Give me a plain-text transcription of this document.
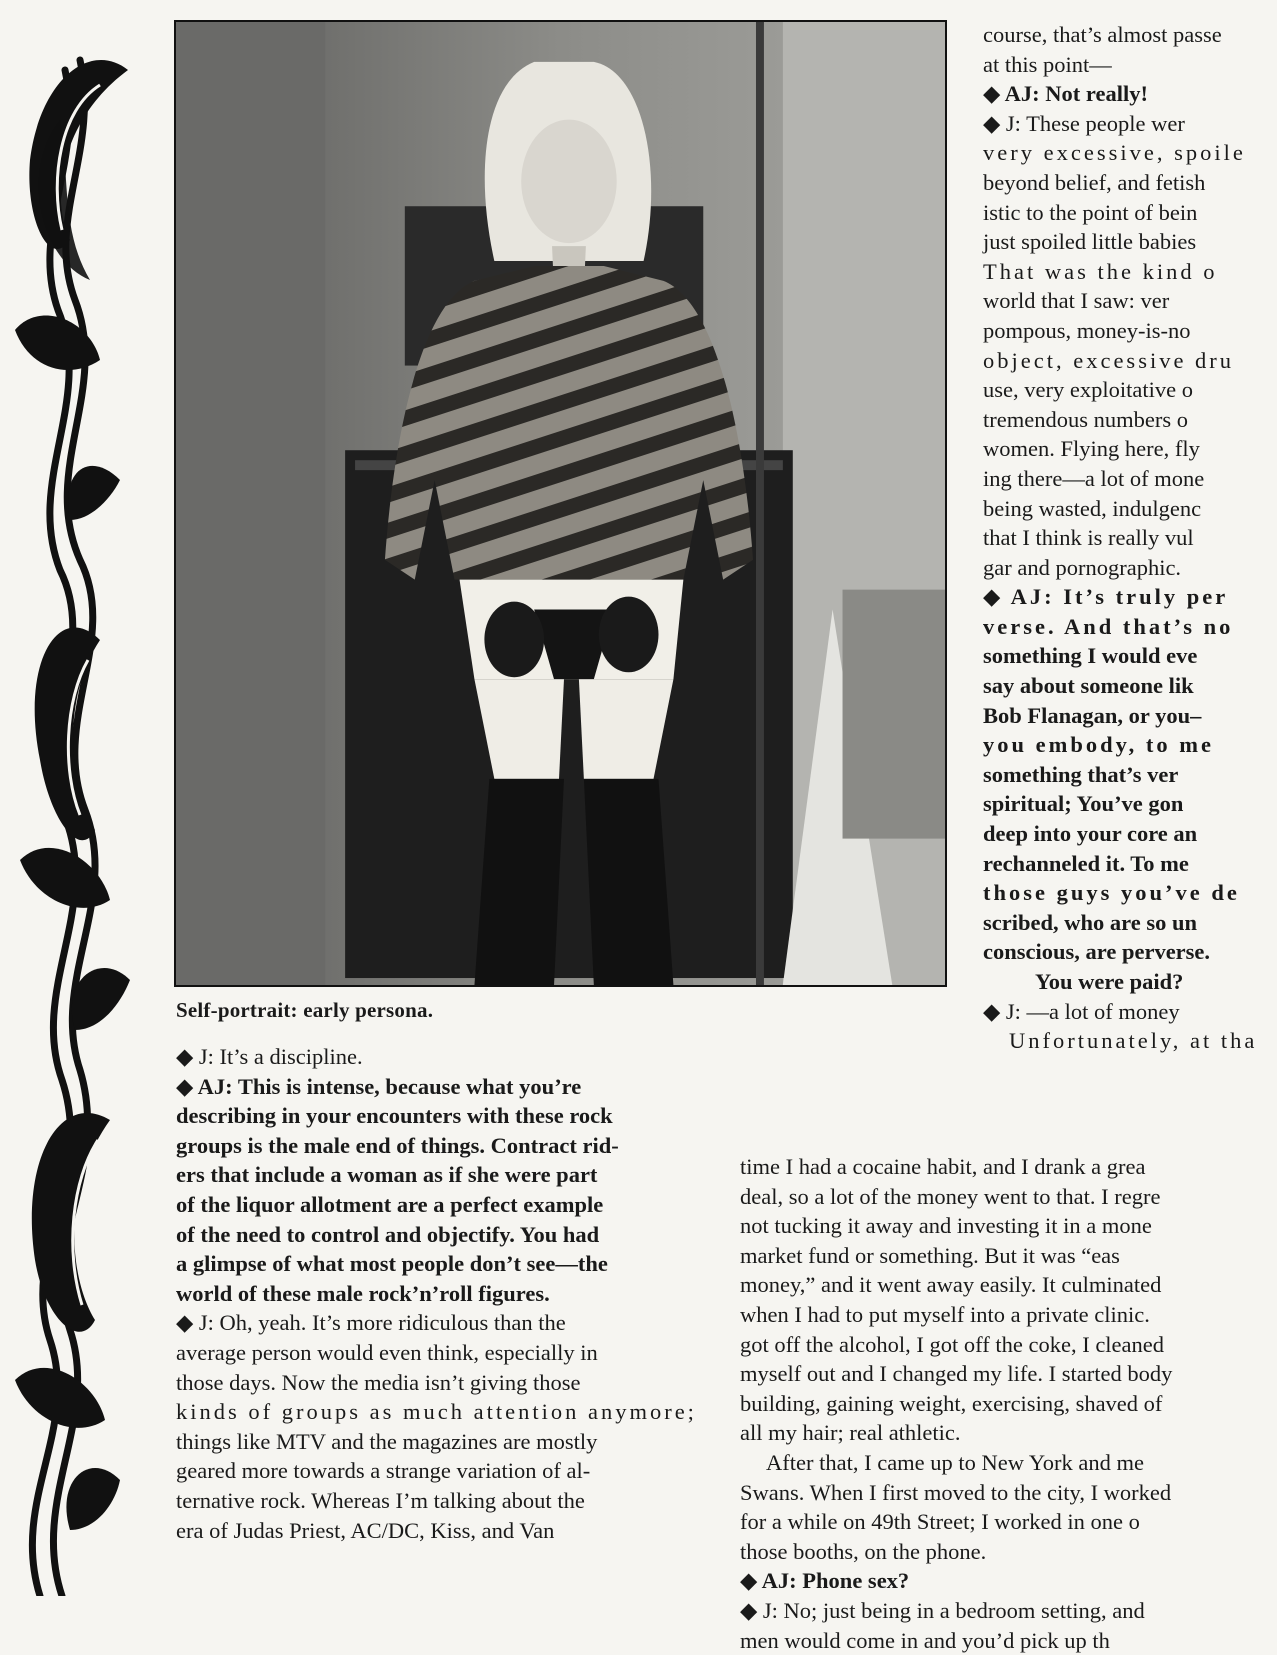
Self-portrait: early persona.

course, that’s almost passe

at this point—

◆ AJ: Not really!

◆ J: These people wer

very excessive, spoile

beyond belief, and fetish

istic to the point of bein

just spoiled little babies

That was the kind o

world that I saw: ver

pompous, money-is-no

object, excessive dru

use, very exploitative o

tremendous numbers o

women. Flying here, fly

ing there—a lot of mone

being wasted, indulgenc

that I think is really vul

gar and pornographic.

◆ AJ: It’s truly per

verse. And that’s no

something I would eve

say about someone lik

Bob Flanagan, or you–

you embody, to me

something that’s ver

spiritual; You’ve gon

deep into your core an

rechanneled it. To me

those guys you’ve de

scribed, who are so un

conscious, are perverse.

You were paid?

◆ J: —a lot of money

Unfortunately, at tha

◆ J: It’s a discipline.

◆ AJ: This is intense, because what you’re

describing in your encounters with these rock

groups is the male end of things. Contract rid-

ers that include a woman as if she were part

of the liquor allotment are a perfect example

of the need to control and objectify. You had

a glimpse of what most people don’t see—the

world of these male rock’n’roll figures.

◆ J: Oh, yeah. It’s more ridiculous than the

average person would even think, especially in

those days. Now the media isn’t giving those

kinds of groups as much attention anymore;

things like MTV and the magazines are mostly

geared more towards a strange variation of al-

ternative rock. Whereas I’m talking about the

era of Judas Priest, AC/DC, Kiss, and Van

time I had a cocaine habit, and I drank a grea

deal, so a lot of the money went to that. I regre

not tucking it away and investing it in a mone

market fund or something. But it was “eas

money,” and it went away easily. It culminated

when I had to put myself into a private clinic.

got off the alcohol, I got off the coke, I cleaned

myself out and I changed my life. I started body

building, gaining weight, exercising, shaved of

all my hair; real athletic.

After that, I came up to New York and me

Swans. When I first moved to the city, I worked

for a while on 49th Street; I worked in one o

those booths, on the phone.

◆ AJ: Phone sex?

◆ J: No; just being in a bedroom setting, and

men would come in and you’d pick up th
